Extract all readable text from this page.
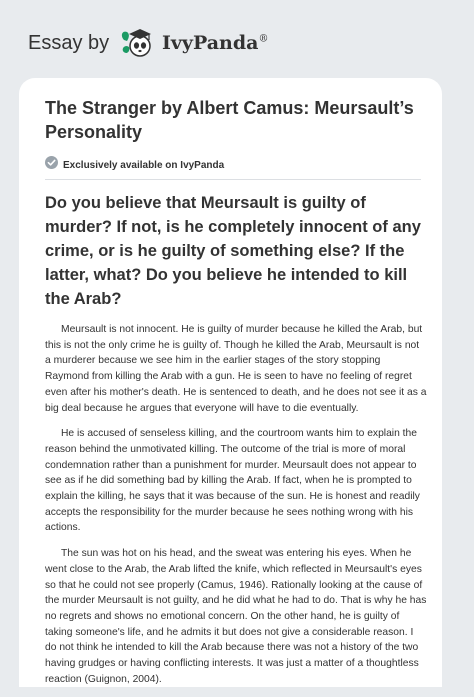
Essay by	IvyPanda®
The Stranger by Albert Camus: Meursault’s Personality
Exclusively available on IvyPanda
Do you believe that Meursault is guilty of murder? If not, is he completely innocent of any crime, or is he guilty of something else? If the latter, what? Do you believe he intended to kill the Arab?

Meursault is not innocent. He is guilty of murder because he killed the Arab, but this is not the only crime he is guilty of. Though he killed the Arab, Meursault is not a murderer because we see him in the earlier stages of the story stopping Raymond from killing the Arab with a gun. He is seen to have no feeling of regret even after his mother's death. He is sentenced to death, and he does not see it as a big deal because he argues that everyone will have to die eventually.

He is accused of senseless killing, and the courtroom wants him to explain the reason behind the unmotivated killing. The outcome of the trial is more of moral condemnation rather than a punishment for murder. Meursault does not appear to see as if he did something bad by killing the Arab. If fact, when he is prompted to explain the killing, he says that it was because of the sun. He is honest and readily accepts the responsibility for the murder because he sees nothing wrong with his actions.

The sun was hot on his head, and the sweat was entering his eyes. When he went close to the Arab, the Arab lifted the knife, which reflected in Meursault's eyes so that he could not see properly (Camus, 1946). Rationally looking at the cause of the murder Meursault is not guilty, and he did what he had to do. That is why he has no regrets and shows no emotional concern. On the other hand, he is guilty of taking someone's life, and he admits it but does not give a considerable reason. I do not think he intended to kill the Arab because there was not a history of the two having grudges or having conflicting interests. It was just a matter of a thoughtless reaction (Guignon, 2004).
